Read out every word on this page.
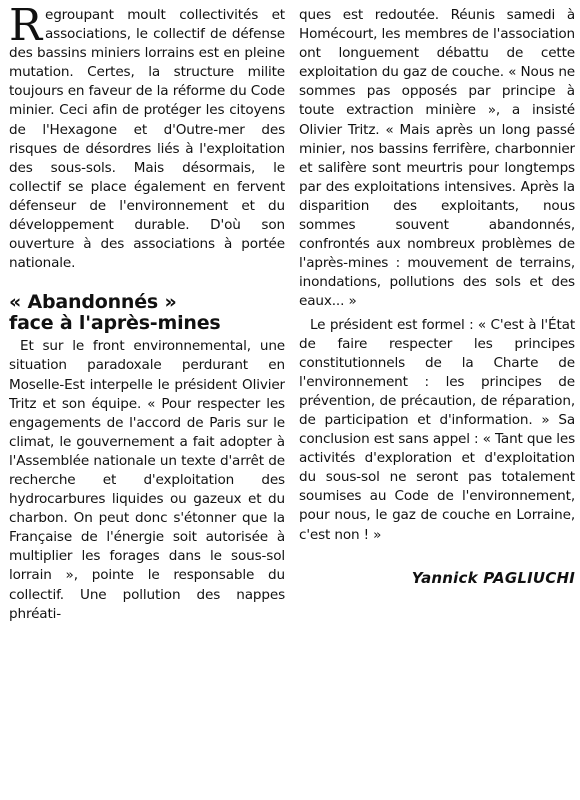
Regroupant moult collectivités et associations, le collectif de défense des bassins miniers lorrains est en pleine mutation. Certes, la structure milite toujours en faveur de la réforme du Code minier. Ceci afin de protéger les citoyens de l'Hexagone et d'Outre-mer des risques de désordres liés à l'exploitation des sous-sols. Mais désormais, le collectif se place également en fervent défenseur de l'environnement et du développement durable. D'où son ouverture à des associations à portée nationale.

« Abandonnés »
face à l'après-mines

Et sur le front environnemental, une situation paradoxale perdurant en Moselle-Est interpelle le président Olivier Tritz et son équipe. « Pour respecter les engagements de l'accord de Paris sur le climat, le gouvernement a fait adopter à l'Assemblée nationale un texte d'arrêt de recherche et d'exploitation des hydrocarbures liquides ou gazeux et du charbon. On peut donc s'étonner que la Française de l'énergie soit autorisée à multiplier les forages dans le sous-sol lorrain », pointe le responsable du collectif. Une pollution des nappes phréati-

ques est redoutée. Réunis samedi à Homécourt, les membres de l'association ont longuement débattu de cette exploitation du gaz de couche. « Nous ne sommes pas opposés par principe à toute extraction minière », a insisté Olivier Tritz. « Mais après un long passé minier, nos bassins ferrifère, charbonnier et salifère sont meurtris pour longtemps par des exploitations intensives. Après la disparition des exploitants, nous sommes souvent abandonnés, confrontés aux nombreux problèmes de l'après-mines : mouvement de terrains, inondations, pollutions des sols et des eaux... »

Le président est formel : « C'est à l'État de faire respecter les principes constitutionnels de la Charte de l'environnement : les principes de prévention, de précaution, de réparation, de participation et d'information. » Sa conclusion est sans appel : « Tant que les activités d'exploration et d'exploitation du sous-sol ne seront pas totalement soumises au Code de l'environnement, pour nous, le gaz de couche en Lorraine, c'est non ! »

Yannick PAGLIUCHI
